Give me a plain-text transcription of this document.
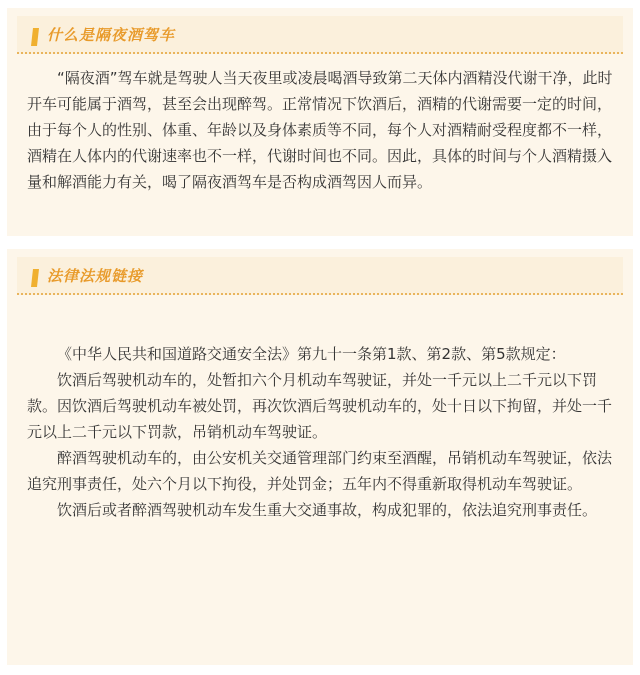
什么是隔夜酒驾车

“隔夜酒”驾车就是驾驶人当天夜里或凌晨喝酒导致第二天体内酒精没代谢干净，此时开车可能属于酒驾，甚至会出现醉驾。正常情况下饮酒后，酒精的代谢需要一定的时间，由于每个人的性别、体重、年龄以及身体素质等不同，每个人对酒精耐受程度都不一样，酒精在人体内的代谢速率也不一样，代谢时间也不同。因此，具体的时间与个人酒精摄入量和解酒能力有关，喝了隔夜酒驾车是否构成酒驾因人而异。

法律法规链接

《中华人民共和国道路交通安全法》第九十一条第1款、第2款、第5款规定：

饮酒后驾驶机动车的，处暂扣六个月机动车驾驶证，并处一千元以上二千元以下罚款。因饮酒后驾驶机动车被处罚，再次饮酒后驾驶机动车的，处十日以下拘留，并处一千元以上二千元以下罚款，吊销机动车驾驶证。

醉酒驾驶机动车的，由公安机关交通管理部门约束至酒醒，吊销机动车驾驶证，依法追究刑事责任，处六个月以下拘役，并处罚金；五年内不得重新取得机动车驾驶证。

饮酒后或者醉酒驾驶机动车发生重大交通事故，构成犯罪的，依法追究刑事责任。
